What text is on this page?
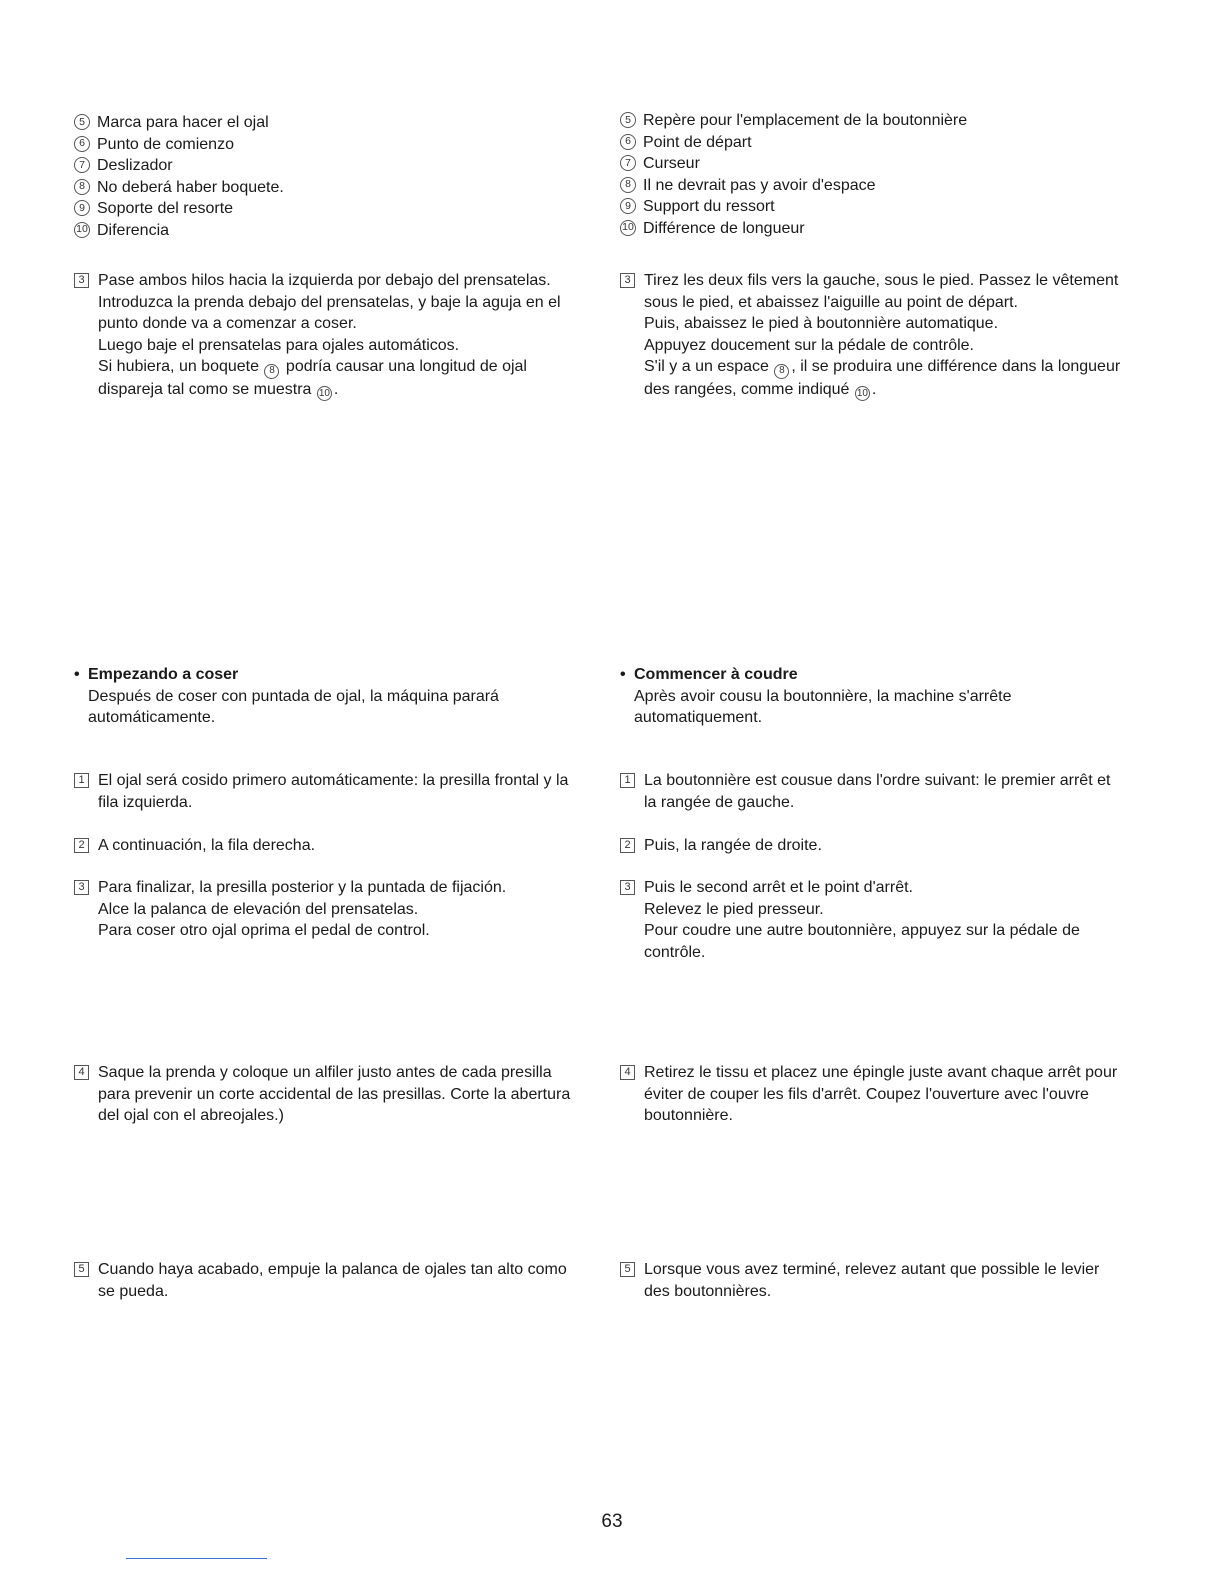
5 Marca para hacer el ojal
6 Punto de comienzo
7 Deslizador
8 No deberá haber boquete.
9 Soporte del resorte
10 Diferencia
3 Pase ambos hilos hacia la izquierda por debajo del prensatelas.

Introduzca la prenda debajo del prensatelas, y baje la aguja en el punto donde va a comenzar a coser.

Luego baje el prensatelas para ojales automáticos.

Si hubiera, un boquete 8 podría causar una longitud de ojal dispareja tal como se muestra 10 .

• Empezando a coser
Después de coser con puntada de ojal, la máquina parará automáticamente.
1 El ojal será cosido primero automáticamente: la presilla frontal y la fila izquierda.
2 A continuación, la fila derecha.
3 Para finalizar, la presilla posterior y la puntada de fijación.

Alce la palanca de elevación del prensatelas.

Para coser otro ojal oprima el pedal de control.

4 Saque la prenda y coloque un alfiler justo antes de cada presilla para prevenir un corte accidental de las presillas. Corte la abertura del ojal con el abreojales.)
5 Cuando haya acabado, empuje la palanca de ojales tan alto como se pueda.
5 Repère pour l'emplacement de la boutonnière
6 Point de départ
7 Curseur
8 Il ne devrait pas y avoir d'espace
9 Support du ressort
10 Différence de longueur
3 Tirez les deux fils vers la gauche, sous le pied. Passez le vêtement sous le pied, et abaissez l'aiguille au point de départ.

Puis, abaissez le pied à boutonnière automatique.

Appuyez doucement sur la pédale de contrôle.

S'il y a un espace 8 , il se produira une différence dans la longueur des rangées, comme indiqué 10 .

• Commencer à coudre
Après avoir cousu la boutonnière, la machine s'arrête automatiquement.
1 La boutonnière est cousue dans l'ordre suivant: le premier arrêt et la rangée de gauche.
2 Puis, la rangée de droite.
3 Puis le second arrêt et le point d'arrêt.

Relevez le pied presseur.

Pour coudre une autre boutonnière, appuyez sur la pédale de contrôle.

4 Retirez le tissu et placez une épingle juste avant chaque arrêt pour éviter de couper les fils d'arrêt. Coupez l'ouverture avec l'ouvre boutonnière.
5 Lorsque vous avez terminé, relevez autant que possible le levier des boutonnières.
63
